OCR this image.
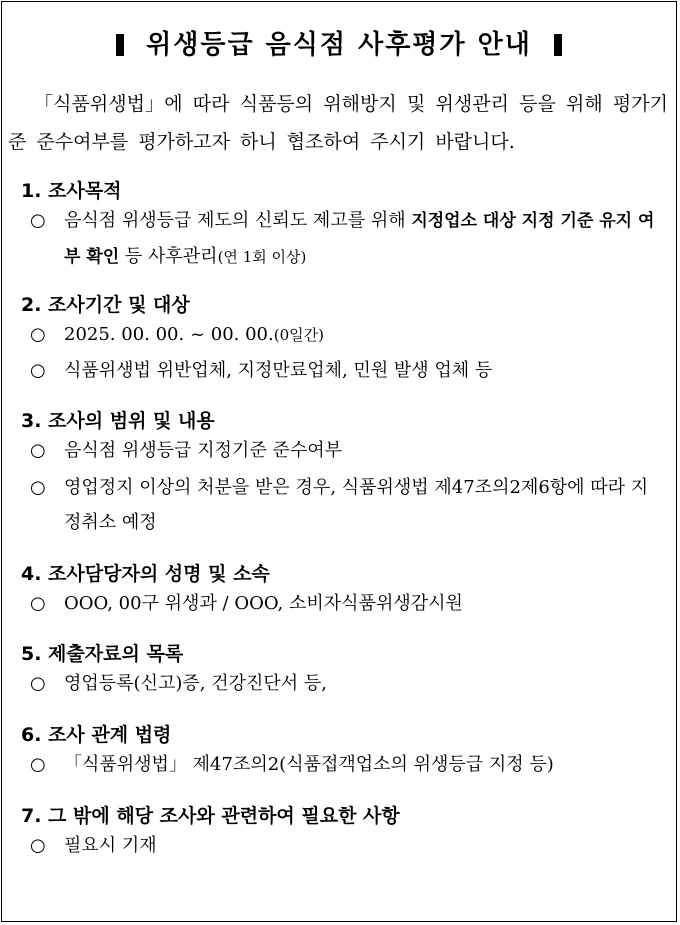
위생등급 음식점 사후평가 안내
「식품위생법」에 따라 식품등의 위해방지 및 위생관리 등을 위해 평가기준 준수여부를 평가하고자 하니 협조하여 주시기 바랍니다.
1. 조사목적
○ 음식점 위생등급 제도의 신뢰도 제고를 위해 지정업소 대상 지정 기준 유지 여부 확인 등 사후관리(연 1회 이상)
2. 조사기간 및 대상
○ 2025. 00. 00. ~ 00. 00.(0일간)
○ 식품위생법 위반업체, 지정만료업체, 민원 발생 업체 등
3. 조사의 범위 및 내용
○ 음식점 위생등급 지정기준 준수여부
○ 영업정지 이상의 처분을 받은 경우, 식품위생법 제47조의2제6항에 따라 지정취소 예정
4. 조사담당자의 성명 및 소속
○ OOO, 00구 위생과 / OOO, 소비자식품위생감시원
5. 제출자료의 목록
○ 영업등록(신고)증, 건강진단서 등,
6. 조사 관계 법령
○ 「식품위생법」 제47조의2(식품접객업소의 위생등급 지정 등)
7. 그 밖에 해당 조사와 관련하여 필요한 사항
○ 필요시 기재
